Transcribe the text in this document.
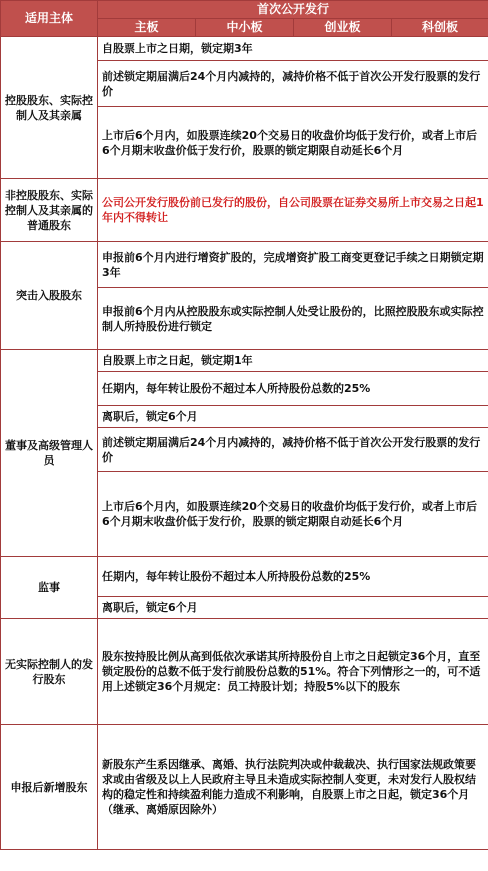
适用主体	首次公开发行			
	主板	中小板	创业板	科创板
控股股东、实际控制人及其亲属	自股票上市之日期，锁定期3年			
	前述锁定期届满后24个月内减持的，减持价格不低于首次公开发行股票的发行价			
	上市后6个月内，如股票连续20个交易日的收盘价均低于发行价，或者上市后6个月期末收盘价低于发行价，股票的锁定期限自动延长6个月			
非控股股东、实际控制人及其亲属的普通股东	公司公开发行股份前已发行的股份，自公司股票在证券交易所上市交易之日起1年内不得转让			
突击入股股东	申报前6个月内进行增资扩股的，完成增资扩股工商变更登记手续之日期锁定期3年			
	申报前6个月内从控股股东或实际控制人处受让股份的，比照控股股东或实际控制人所持股份进行锁定			
董事及高级管理人员	自股票上市之日起，锁定期1年			
	任期内，每年转让股份不超过本人所持股份总数的25%			
	离职后，锁定6个月			
	前述锁定期届满后24个月内减持的，减持价格不低于首次公开发行股票的发行价			
	上市后6个月内，如股票连续20个交易日的收盘价均低于发行价，或者上市后6个月期末收盘价低于发行价，股票的锁定期限自动延长6个月			
监事	任期内，每年转让股份不超过本人所持股份总数的25%			
	离职后，锁定6个月			
无实际控制人的发行股东	股东按持股比例从高到低依次承诺其所持股份自上市之日起锁定36个月，直至锁定股份的总数不低于发行前股份总数的51%。符合下列情形之一的，可不适用上述锁定36个月规定：员工持股计划；持股5%以下的股东			
申报后新增股东	新股东产生系因继承、离婚、执行法院判决或仲裁裁决、执行国家法规政策要求或由省级及以上人民政府主导且未造成实际控制人变更，未对发行人股权结构的稳定性和持续盈利能力造成不利影响，自股票上市之日起，锁定36个月（继承、离婚原因除外）			
